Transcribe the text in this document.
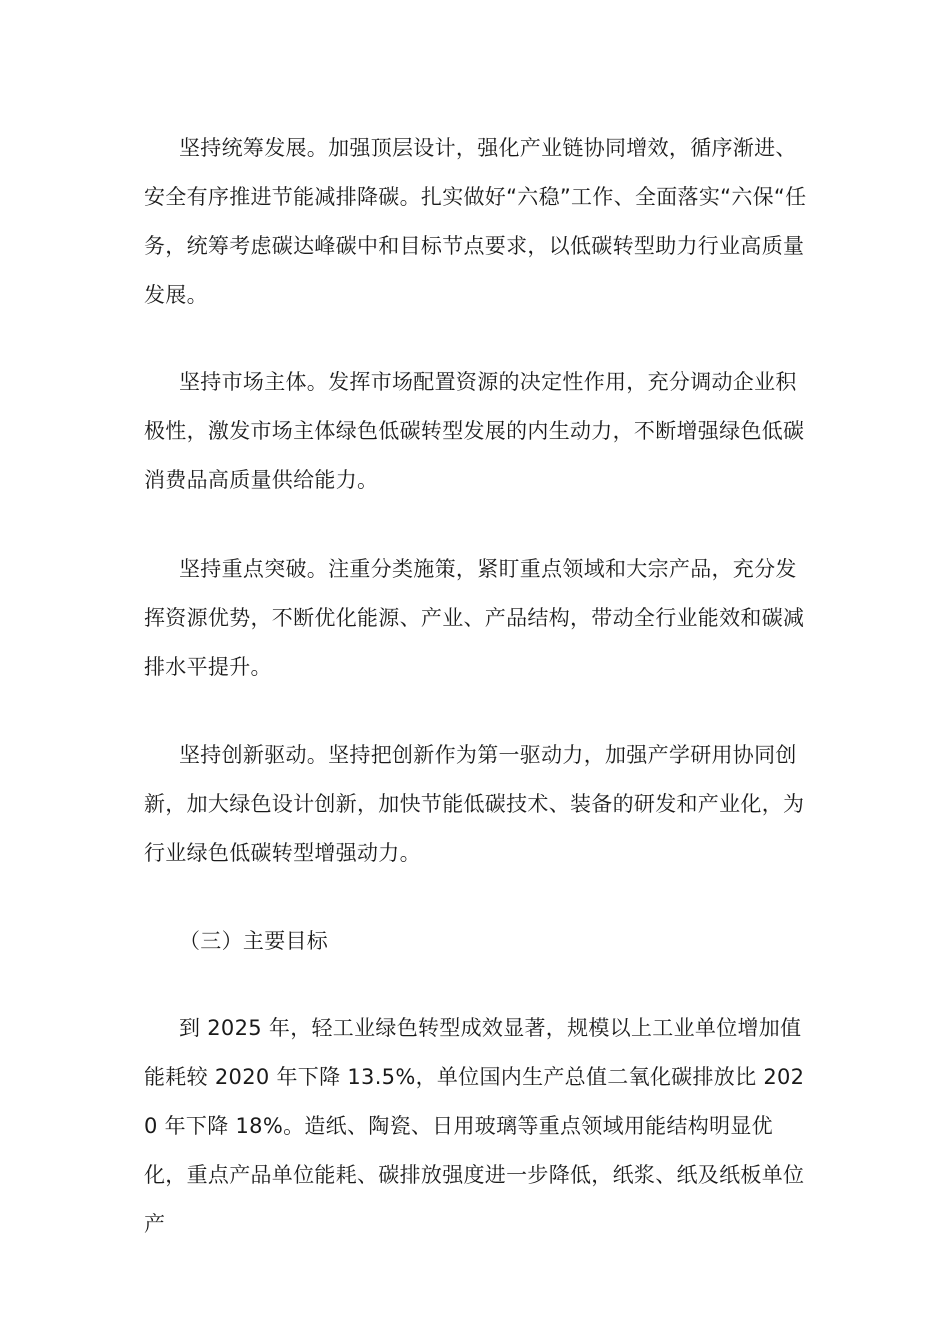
坚持统筹发展。加强顶层设计，强化产业链协同增效，循序渐进、安全有序推进节能减排降碳。扎实做好“六稳”工作、全面落实“六保“任务，统筹考虑碳达峰碳中和目标节点要求，以低碳转型助力行业高质量发展。

坚持市场主体。发挥市场配置资源的决定性作用，充分调动企业积极性，激发市场主体绿色低碳转型发展的内生动力，不断增强绿色低碳消费品高质量供给能力。

坚持重点突破。注重分类施策，紧盯重点领域和大宗产品，充分发挥资源优势，不断优化能源、产业、产品结构，带动全行业能效和碳减排水平提升。

坚持创新驱动。坚持把创新作为第一驱动力，加强产学研用协同创新，加大绿色设计创新，加快节能低碳技术、装备的研发和产业化，为行业绿色低碳转型增强动力。

（三）主要目标

到 2025 年，轻工业绿色转型成效显著，规模以上工业单位增加值能耗较 2020 年下降 13.5%，单位国内生产总值二氧化碳排放比 2020 年下降 18%。造纸、陶瓷、日用玻璃等重点领域用能结构明显优化，重点产品单位能耗、碳排放强度进一步降低，纸浆、纸及纸板单位产
